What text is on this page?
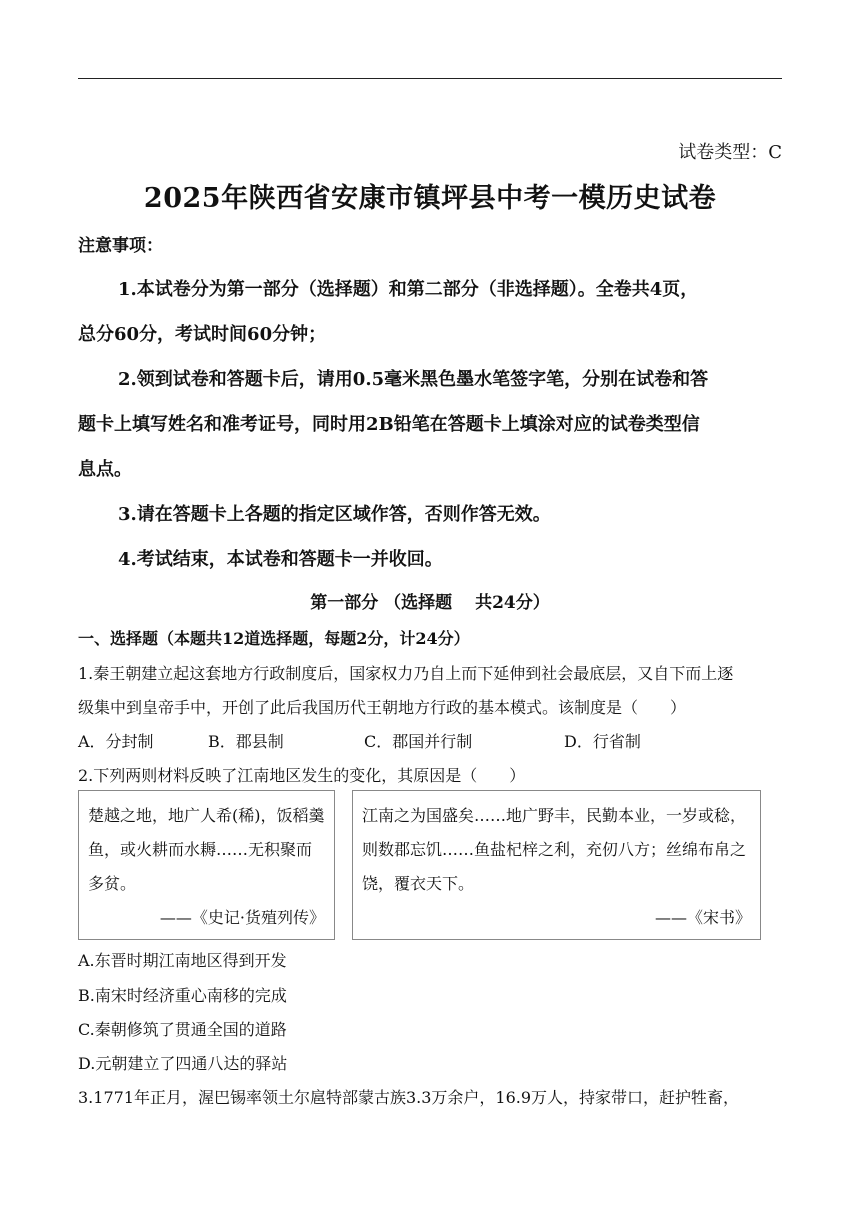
试卷类型：C
2025年陕西省安康市镇坪县中考一模历史试卷
注意事项：
1.本试卷分为第一部分（选择题）和第二部分（非选择题）。全卷共4页，
总分60分，考试时间60分钟；
2.领到试卷和答题卡后，请用0.5毫米黑色墨水笔签字笔，分别在试卷和答
题卡上填写姓名和准考证号，同时用2B铅笔在答题卡上填涂对应的试卷类型信
息点。
3.请在答题卡上各题的指定区域作答，否则作答无效。
4.考试结束，本试卷和答题卡一并收回。
第一部分 （选择题　 共24分）
一、选择题（本题共12道选择题，每题2分，计24分）
1.秦王朝建立起这套地方行政制度后，国家权力乃自上而下延伸到社会最底层，又自下而上逐
级集中到皇帝手中，开创了此后我国历代王朝地方行政的基本模式。该制度是（　　）
A．分封制	B．郡县制	C．郡国并行制	D．行省制
2.下列两则材料反映了江南地区发生的变化，其原因是（　　）
楚越之地，地广人希(稀)，饭稻羹鱼，或火耕而水耨……无积聚而多贫。
——《史记·货殖列传》
江南之为国盛矣……地广野丰，民勤本业，一岁或稔，则数郡忘饥……鱼盐杞梓之利，充仞八方；丝绵布帛之饶，覆衣天下。
——《宋书》
A.东晋时期江南地区得到开发
B.南宋时经济重心南移的完成
C.秦朝修筑了贯通全国的道路
D.元朝建立了四通八达的驿站
3.1771年正月，渥巴锡率领土尔扈特部蒙古族3.3万余户，16.9万人，持家带口，赶护牲畜，
